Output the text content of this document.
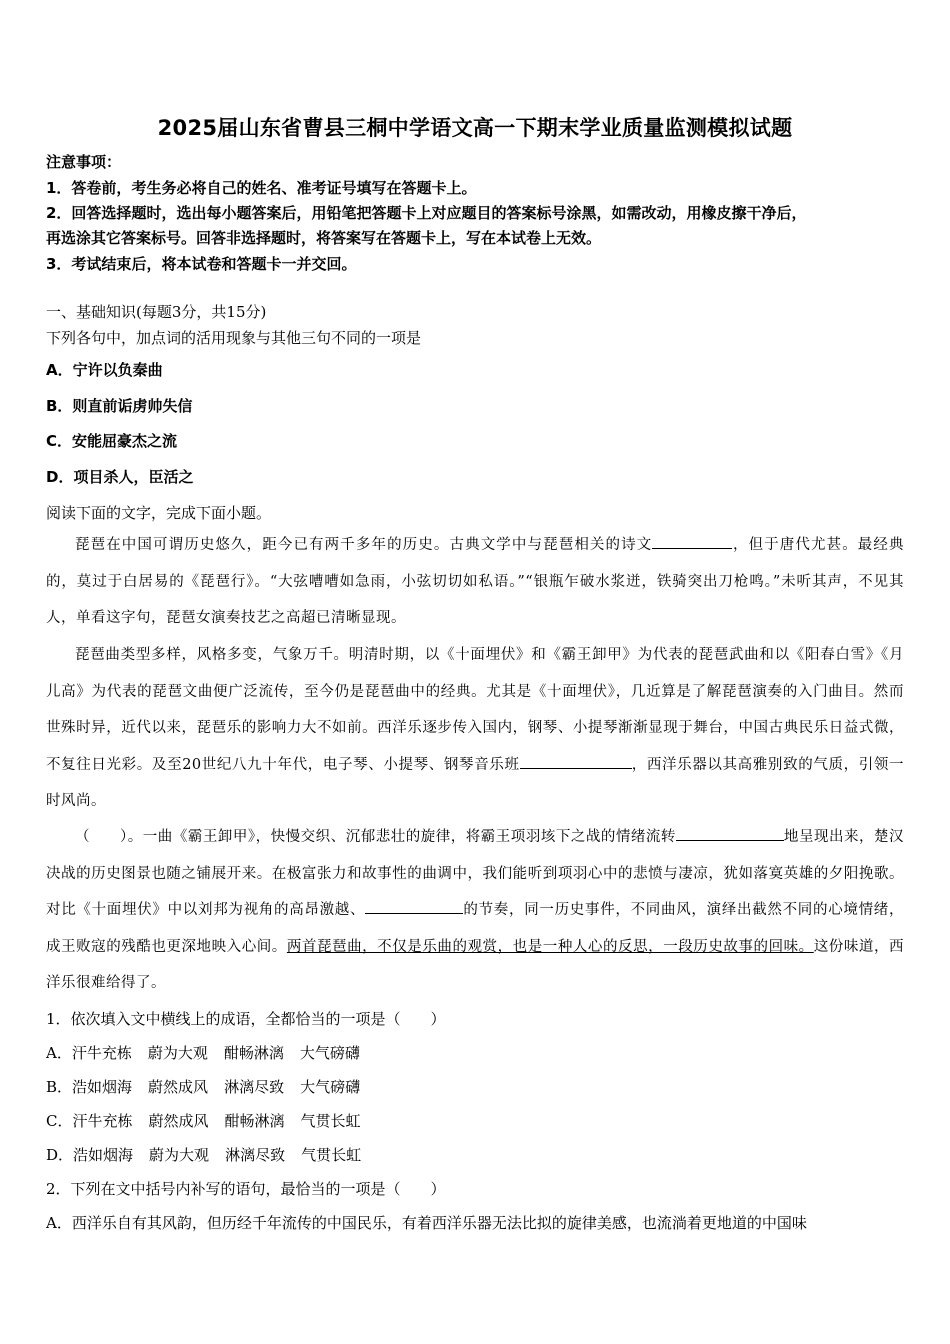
2025届山东省曹县三桐中学语文高一下期末学业质量监测模拟试题
注意事项：
1．答卷前，考生务必将自己的姓名、准考证号填写在答题卡上。
2．回答选择题时，选出每小题答案后，用铅笔把答题卡上对应题目的答案标号涂黑，如需改动，用橡皮擦干净后，
再选涂其它答案标号。回答非选择题时，将答案写在答题卡上，写在本试卷上无效。
3．考试结束后，将本试卷和答题卡一并交回。
一、基础知识(每题3分，共15分)
下列各句中，加点词的活用现象与其他三句不同的一项是
A．宁许以负秦曲
B．则直前诟虏帅失信
C．安能屈豪杰之流
D．项目杀人，臣活之
阅读下面的文字，完成下面小题。
琵琶在中国可谓历史悠久，距今已有两千多年的历史。古典文学中与琵琶相关的诗文	，但于唐代尤甚。最经典的，莫过于白居易的《琵琶行》。“大弦嘈嘈如急雨，小弦切切如私语。”“银瓶乍破水浆迸，铁骑突出刀枪鸣。”未听其声，不见其人，单看这字句，琵琶女演奏技艺之高超已清晰显现。
琵琶曲类型多样，风格多变，气象万千。明清时期，以《十面埋伏》和《霸王卸甲》为代表的琵琶武曲和以《阳春白雪》《月儿高》为代表的琵琶文曲便广泛流传，至今仍是琵琶曲中的经典。尤其是《十面埋伏》，几近算是了解琵琶演奏的入门曲目。然而世殊时异，近代以来，琵琶乐的影响力大不如前。西洋乐逐步传入国内，钢琴、小提琴渐渐显现于舞台，中国古典民乐日益式微，不复往日光彩。及至20世纪八九十年代，电子琴、小提琴、钢琴音乐班	，西洋乐器以其高雅别致的气质，引领一时风尚。
（　　）。一曲《霸王卸甲》，快慢交织、沉郁悲壮的旋律，将霸王项羽垓下之战的情绪流转	地呈现出来，楚汉决战的历史图景也随之铺展开来。在极富张力和故事性的曲调中，我们能听到项羽心中的悲愤与凄凉，犹如落寞英雄的夕阳挽歌。对比《十面埋伏》中以刘邦为视角的高昂激越、	的节奏，同一历史事件，不同曲风，演绎出截然不同的心境情绪，成王败寇的残酷也更深地映入心间。两首琵琶曲，不仅是乐曲的观赏，也是一种人心的反思，一段历史故事的回味。这份味道，西洋乐很难给得了。
1．依次填入文中横线上的成语，全都恰当的一项是（　　）
A．汗牛充栋 蔚为大观 酣畅淋漓 大气磅礴
B．浩如烟海 蔚然成风 淋漓尽致 大气磅礴
C．汗牛充栋 蔚然成风 酣畅淋漓 气贯长虹
D．浩如烟海 蔚为大观 淋漓尽致 气贯长虹
2．下列在文中括号内补写的语句，最恰当的一项是（　　）
A．西洋乐自有其风韵，但历经千年流传的中国民乐，有着西洋乐器无法比拟的旋律美感，也流淌着更地道的中国味
